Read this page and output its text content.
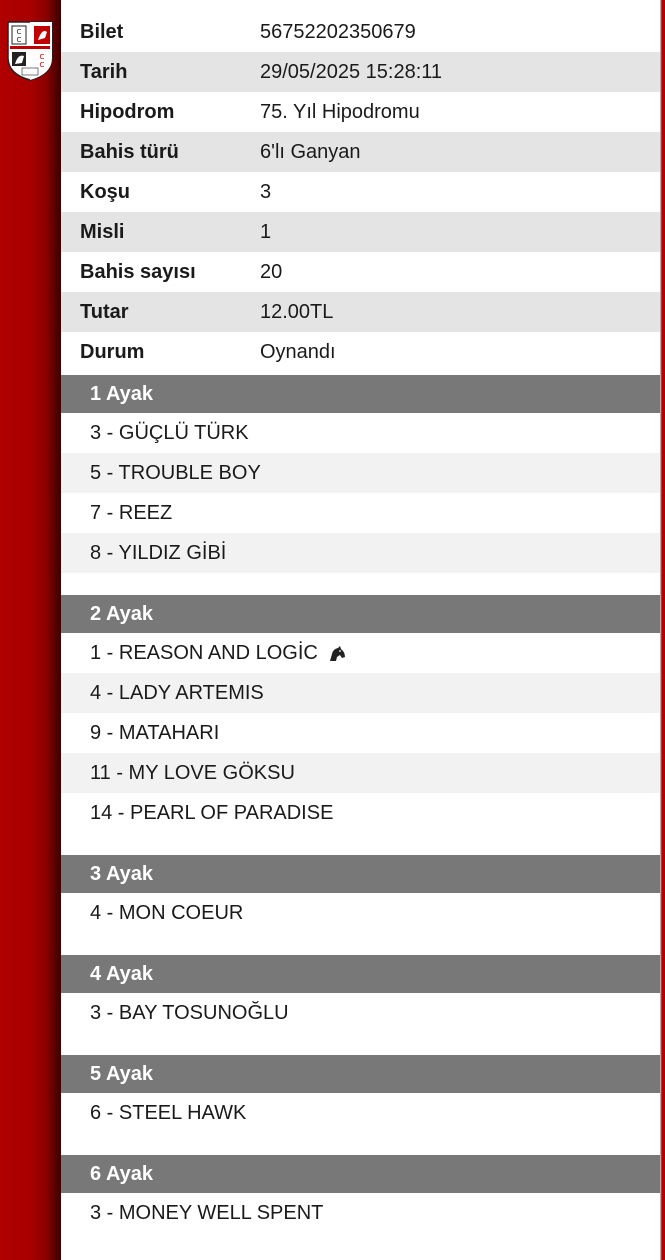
C
C
C
C
Bilet	56752202350679
Tarih	29/05/2025 15:28:11
Hipodrom	75. Yıl Hipodromu
Bahis türü	6'lı Ganyan
Koşu	3
Misli	1
Bahis sayısı	20
Tutar	12.00TL
Durum	Oynandı
1 Ayak
3 - GÜÇLÜ TÜRK
5 - TROUBLE BOY
7 - REEZ
8 - YILDIZ GİBİ
2 Ayak
1 - REASON AND LOGİC
4 - LADY ARTEMIS
9 - MATAHARI
11 - MY LOVE GÖKSU
14 - PEARL OF PARADISE
3 Ayak
4 - MON COEUR
4 Ayak
3 - BAY TOSUNOĞLU
5 Ayak
6 - STEEL HAWK
6 Ayak
3 - MONEY WELL SPENT
